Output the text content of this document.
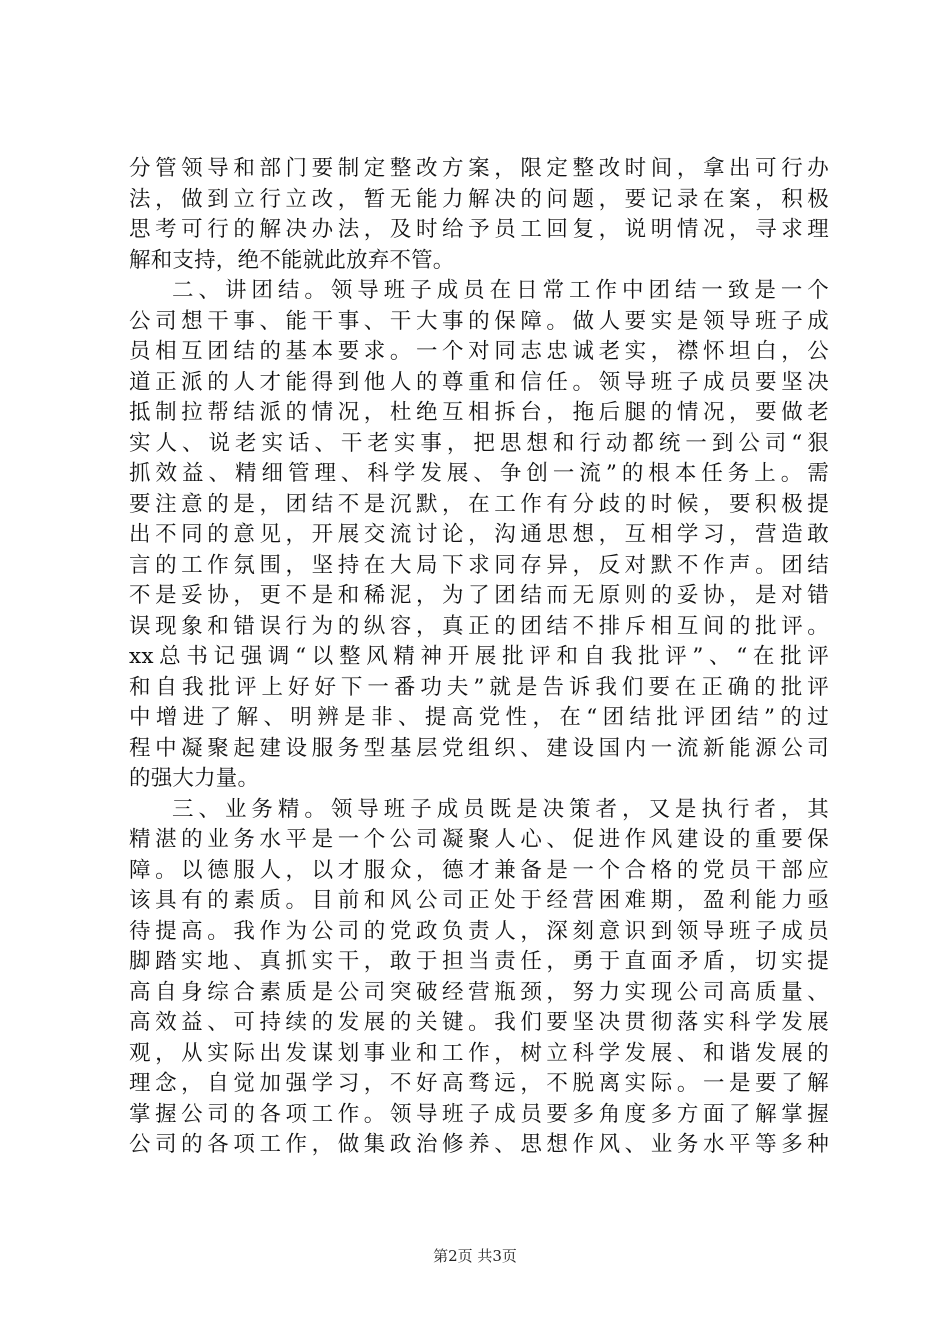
分管领导和部门要制定整改方案，限定整改时间，拿出可行办
法，做到立行立改，暂无能力解决的问题，要记录在案，积极
思考可行的解决办法，及时给予员工回复，说明情况，寻求理
解和支持，绝不能就此放弃不管。
二、讲团结。领导班子成员在日常工作中团结一致是一个
公司想干事、能干事、干大事的保障。做人要实是领导班子成
员相互团结的基本要求。一个对同志忠诚老实，襟怀坦白，公
道正派的人才能得到他人的尊重和信任。领导班子成员要坚决
抵制拉帮结派的情况，杜绝互相拆台，拖后腿的情况，要做老
实人、说老实话、干老实事，把思想和行动都统一到公司“狠
抓效益、精细管理、科学发展、争创一流”的根本任务上。需
要注意的是，团结不是沉默，在工作有分歧的时候，要积极提
出不同的意见，开展交流讨论，沟通思想，互相学习，营造敢
言的工作氛围，坚持在大局下求同存异，反对默不作声。团结
不是妥协，更不是和稀泥，为了团结而无原则的妥协，是对错
误现象和错误行为的纵容，真正的团结不排斥相互间的批评。
xx总书记强调“以整风精神开展批评和自我批评”、“在批评
和自我批评上好好下一番功夫”就是告诉我们要在正确的批评
中增进了解、明辨是非、提高党性，在“团结批评团结”的过
程中凝聚起建设服务型基层党组织、建设国内一流新能源公司
的强大力量。
三、业务精。领导班子成员既是决策者，又是执行者，其
精湛的业务水平是一个公司凝聚人心、促进作风建设的重要保
障。以德服人，以才服众，德才兼备是一个合格的党员干部应
该具有的素质。目前和风公司正处于经营困难期，盈利能力亟
待提高。我作为公司的党政负责人，深刻意识到领导班子成员
脚踏实地、真抓实干，敢于担当责任，勇于直面矛盾，切实提
高自身综合素质是公司突破经营瓶颈，努力实现公司高质量、
高效益、可持续的发展的关键。我们要坚决贯彻落实科学发展
观，从实际出发谋划事业和工作，树立科学发展、和谐发展的
理念，自觉加强学习，不好高骛远，不脱离实际。一是要了解
掌握公司的各项工作。领导班子成员要多角度多方面了解掌握
公司的各项工作，做集政治修养、思想作风、业务水平等多种
第2页 共3页
